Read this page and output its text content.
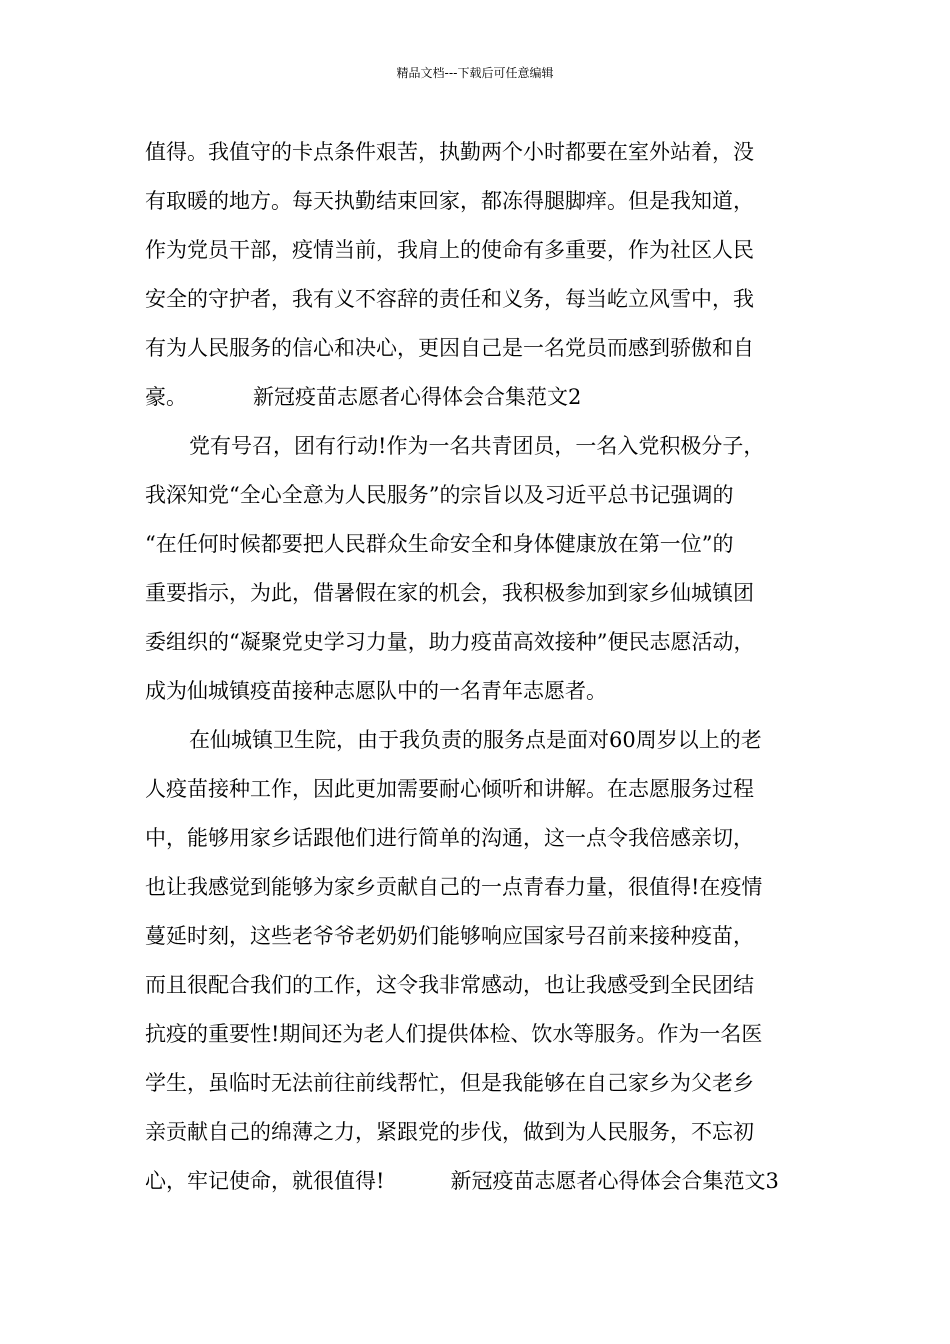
精品文档---下载后可任意编辑
值得。我值守的卡点条件艰苦，执勤两个小时都要在室外站着，没
有取暖的地方。每天执勤结束回家，都冻得腿脚痒。但是我知道，
作为党员干部，疫情当前，我肩上的使命有多重要，作为社区人民
安全的守护者，我有义不容辞的责任和义务，每当屹立风雪中，我
有为人民服务的信心和决心，更因自己是一名党员而感到骄傲和自
豪。	新冠疫苗志愿者心得体会合集范文2
党有号召，团有行动!作为一名共青团员，一名入党积极分子，
我深知党“全心全意为人民服务”的宗旨以及习近平总书记强调的
“在任何时候都要把人民群众生命安全和身体健康放在第一位”的
重要指示，为此，借暑假在家的机会，我积极参加到家乡仙城镇团
委组织的“凝聚党史学习力量，助力疫苗高效接种”便民志愿活动，
成为仙城镇疫苗接种志愿队中的一名青年志愿者。
在仙城镇卫生院，由于我负责的服务点是面对60周岁以上的老
人疫苗接种工作，因此更加需要耐心倾听和讲解。在志愿服务过程
中，能够用家乡话跟他们进行简单的沟通，这一点令我倍感亲切，
也让我感觉到能够为家乡贡献自己的一点青春力量，很值得!在疫情
蔓延时刻，这些老爷爷老奶奶们能够响应国家号召前来接种疫苗，
而且很配合我们的工作，这令我非常感动，也让我感受到全民团结
抗疫的重要性!期间还为老人们提供体检、饮水等服务。作为一名医
学生，虽临时无法前往前线帮忙，但是我能够在自己家乡为父老乡
亲贡献自己的绵薄之力，紧跟党的步伐，做到为人民服务，不忘初
心，牢记使命，就很值得!	新冠疫苗志愿者心得体会合集范文3
